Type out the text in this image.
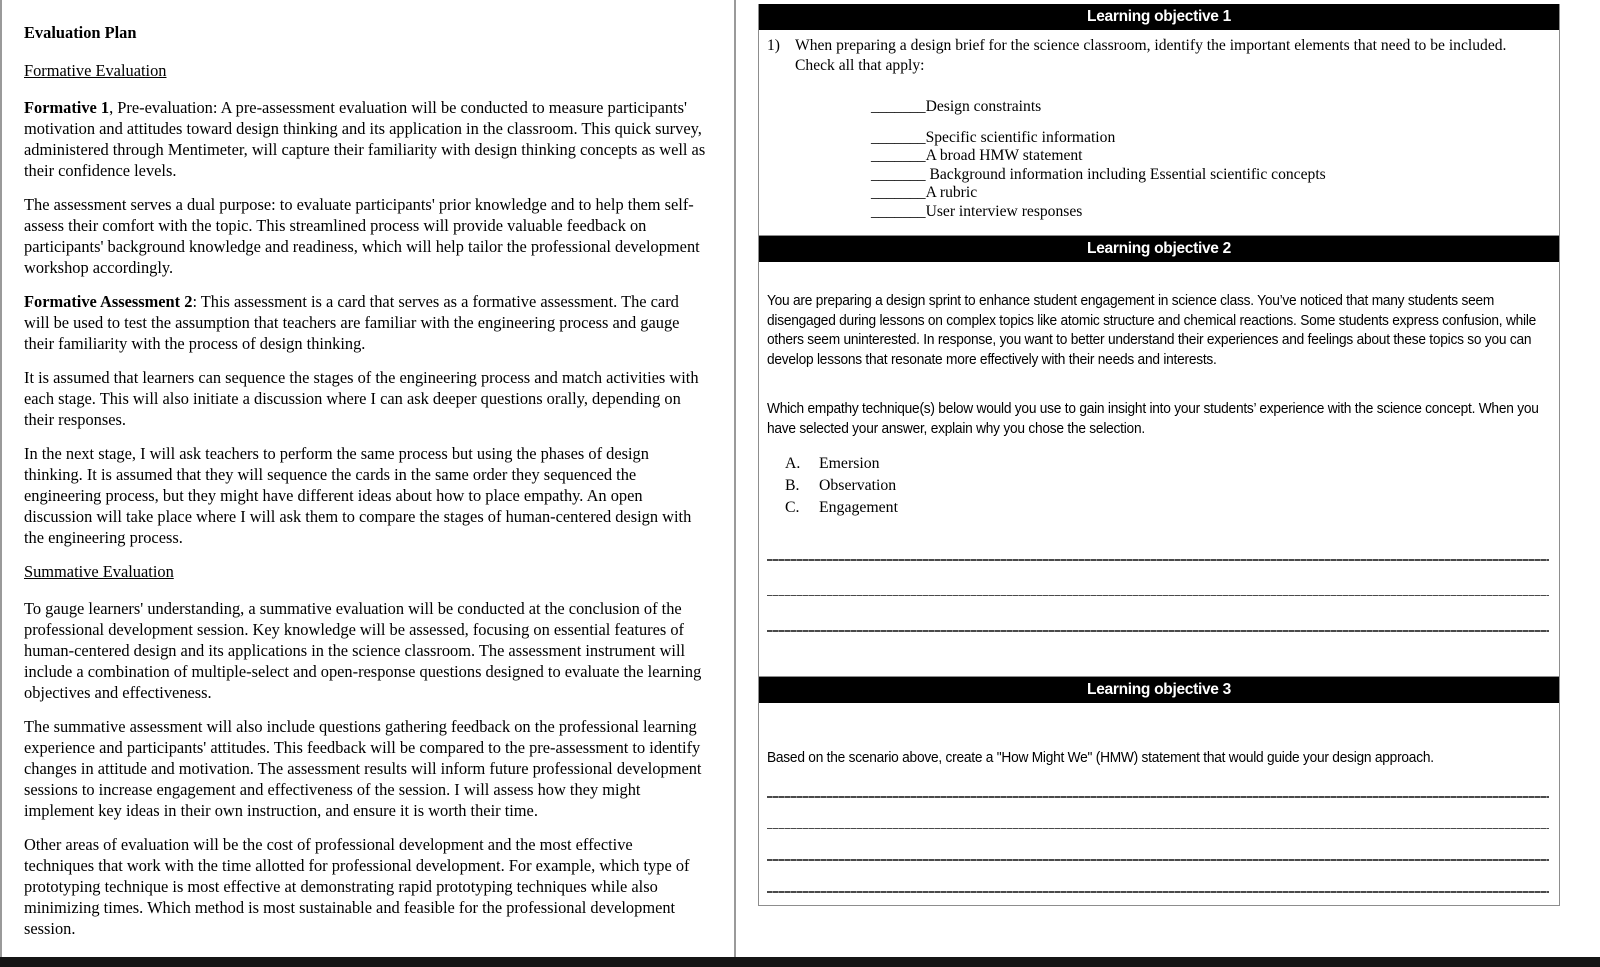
Evaluation Plan

Formative Evaluation

Formative 1, Pre-evaluation: A pre-assessment evaluation will be conducted to measure participants' motivation and attitudes toward design thinking and its application in the classroom. This quick survey, administered through Mentimeter, will capture their familiarity with design thinking concepts as well as their confidence levels.

The assessment serves a dual purpose: to evaluate participants' prior knowledge and to help them self-assess their comfort with the topic. This streamlined process will provide valuable feedback on participants' background knowledge and readiness, which will help tailor the professional development workshop accordingly.

Formative Assessment 2: This assessment is a card that serves as a formative assessment. The card will be used to test the assumption that teachers are familiar with the engineering process and gauge their familiarity with the process of design thinking.

It is assumed that learners can sequence the stages of the engineering process and match activities with each stage. This will also initiate a discussion where I can ask deeper questions orally, depending on their responses.

In the next stage, I will ask teachers to perform the same process but using the phases of design thinking. It is assumed that they will sequence the cards in the same order they sequenced the engineering process, but they might have different ideas about how to place empathy. An open discussion will take place where I will ask them to compare the stages of human-centered design with the engineering process.

Summative Evaluation

To gauge learners' understanding, a summative evaluation will be conducted at the conclusion of the professional development session. Key knowledge will be assessed, focusing on essential features of human-centered design and its applications in the science classroom. The assessment instrument will include a combination of multiple-select and open-response questions designed to evaluate the learning objectives and effectiveness.

The summative assessment will also include questions gathering feedback on the professional learning experience and participants' attitudes. This feedback will be compared to the pre-assessment to identify changes in attitude and motivation. The assessment results will inform future professional development sessions to increase engagement and effectiveness of the session. I will assess how they might implement key ideas in their own instruction, and ensure it is worth their time.

Other areas of evaluation will be the cost of professional development and the most effective techniques that work with the time allotted for professional development. For example, which type of prototyping technique is most effective at demonstrating rapid prototyping techniques while also minimizing times. Which method is most sustainable and feasible for the professional development session.

Learning objective 1
1) When preparing a design brief for the science classroom, identify the important elements that need to be included. Check all that apply:
_______Design constraints
_______Specific scientific information
_______A broad HMW statement
_______ Background information including Essential scientific concepts
_______A rubric
_______User interview responses
Learning objective 2
You are preparing a design sprint to enhance student engagement in science class. You’ve noticed that many students seem disengaged during lessons on complex topics like atomic structure and chemical reactions. Some students express confusion, while others seem uninterested. In response, you want to better understand their experiences and feelings about these topics so you can develop lessons that resonate more effectively with their needs and interests.
Which empathy technique(s) below would you use to gain insight into your students’ experience with the science concept. When you have selected your answer, explain why you chose the selection.
A.	Emersion
B.	Observation
C.	Engagement
Learning objective 3
Based on the scenario above, create a "How Might We" (HMW) statement that would guide your design approach.
